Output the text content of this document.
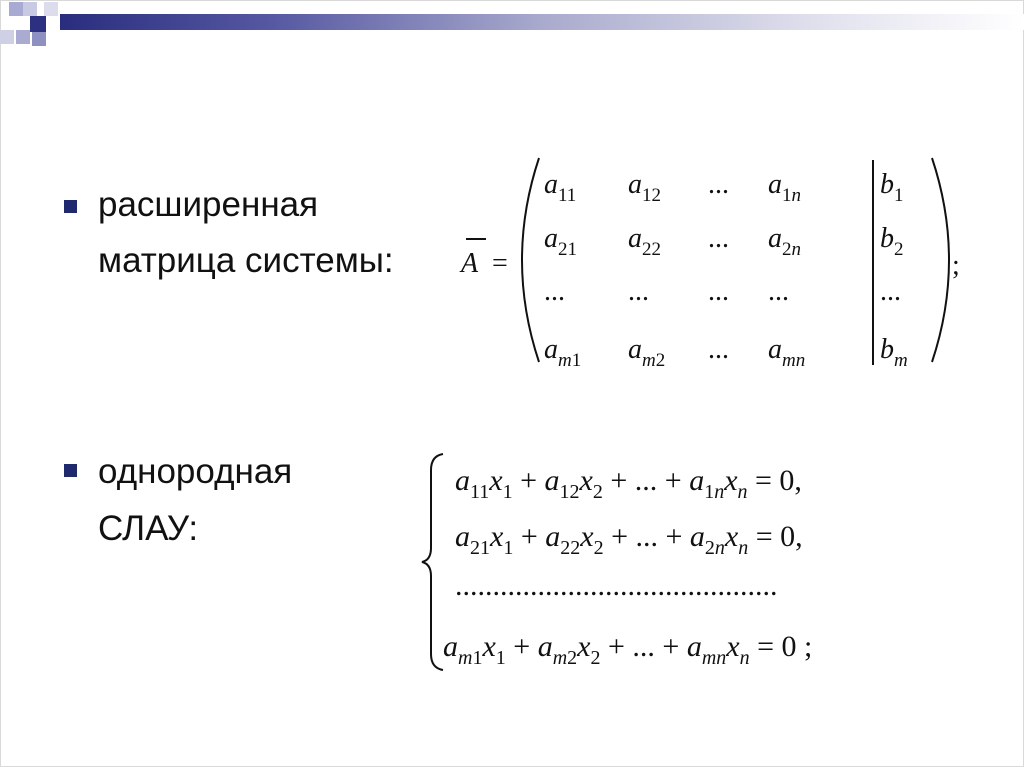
расширенная
матрица системы:
однородная
СЛАУ:
A =
$a_11$ $a_12$ ... $a_1n$
$a_21$ $a_22$ ... $a_2n$
... ... ... ...
$a_m1$ $a_m2$ ... $a_mn$
$b_1$
$b_2$
...
$b_m$
;
$a_{11}x_1 + a_{12}x_2$ + ... + $a_1nx_n = 0$,
$a_{21}x_1 + a_{22}x_2$ + ... + $a_2nx_n = 0$,
...........................................
$a_m1x_1 + a_m2x_2$ + ... + $a_{mn}x_n = 0$ ;
